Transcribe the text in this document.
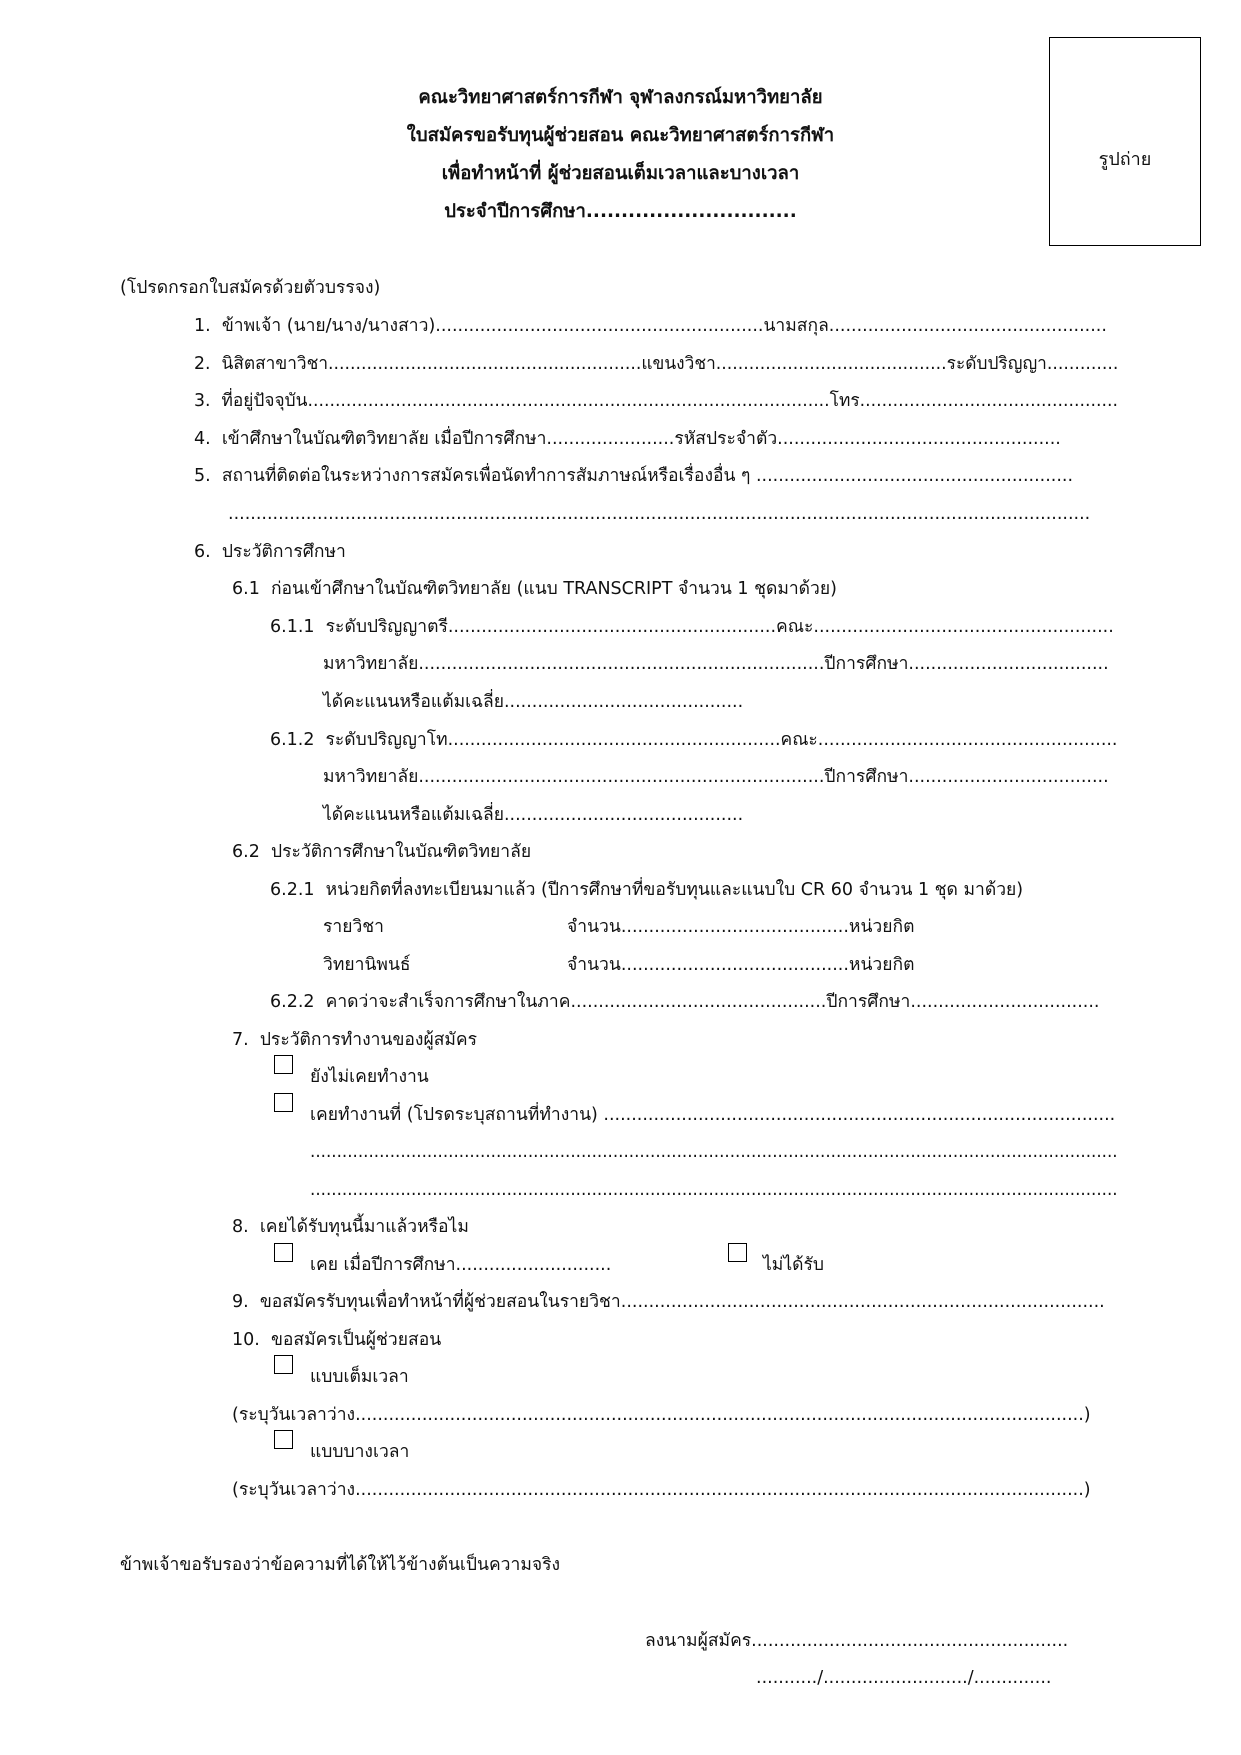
คณะวิทยาศาสตร์การกีฬา จุฬาลงกรณ์มหาวิทยาลัย
ใบสมัครขอรับทุนผู้ช่วยสอน คณะวิทยาศาสตร์การกีฬา
เพื่อทำหน้าที่ ผู้ช่วยสอนเต็มเวลาและบางเวลา
ประจำปีการศึกษา..............................
รูปถ่าย
(โปรดกรอกใบสมัครด้วยตัวบรรจง)
1.  ข้าพเจ้า (นาย/นาง/นางสาว)...........................................................นามสกุล..................................................
2.  นิสิตสาขาวิชา.........................................................แขนงวิชา..........................................ระดับปริญญา.............
3.  ที่อยู่ปัจจุบัน...............................................................................................โทร...............................................
4.  เข้าศึกษาในบัณฑิตวิทยาลัย เมื่อปีการศึกษา.......................รหัสประจำตัว...................................................
5.  สถานที่ติดต่อในระหว่างการสมัครเพื่อนัดทำการสัมภาษณ์หรือเรื่องอื่น ๆ .........................................................
...........................................................................................................................................................
6.  ประวัติการศึกษา
6.1  ก่อนเข้าศึกษาในบัณฑิตวิทยาลัย (แนบ TRANSCRIPT จำนวน 1 ชุดมาด้วย)
6.1.1  ระดับปริญญาตรี...........................................................คณะ......................................................
มหาวิทยาลัย.........................................................................ปีการศึกษา....................................
ได้คะแนนหรือแต้มเฉลี่ย...........................................
6.1.2  ระดับปริญญาโท............................................................คณะ......................................................
มหาวิทยาลัย.........................................................................ปีการศึกษา....................................
ได้คะแนนหรือแต้มเฉลี่ย...........................................
6.2  ประวัติการศึกษาในบัณฑิตวิทยาลัย
6.2.1  หน่วยกิตที่ลงทะเบียนมาแล้ว (ปีการศึกษาที่ขอรับทุนและแนบใบ CR 60 จำนวน 1 ชุด มาด้วย)
รายวิชา	จำนวน.........................................หน่วยกิต
วิทยานิพนธ์	จำนวน.........................................หน่วยกิต
6.2.2  คาดว่าจะสำเร็จการศึกษาในภาค..............................................ปีการศึกษา..................................
7.  ประวัติการทำงานของผู้สมัคร
ยังไม่เคยทำงาน
เคยทำงานที่ (โปรดระบุสถานที่ทำงาน) ............................................................................................
........................................................................................................................................................
........................................................................................................................................................
8.  เคยได้รับทุนนี้มาแล้วหรือไม
เคย เมื่อปีการศึกษา............................	ไม่ได้รับ
9.  ขอสมัครรับทุนเพื่อทำหน้าที่ผู้ช่วยสอนในรายวิชา.......................................................................................
10.  ขอสมัครเป็นผู้ช่วยสอน
แบบเต็มเวลา
(ระบุวันเวลาว่าง...................................................................................................................................)
แบบบางเวลา
(ระบุวันเวลาว่าง...................................................................................................................................)
ข้าพเจ้าขอรับรองว่าข้อความที่ได้ให้ไว้ข้างต้นเป็นความจริง
ลงนามผู้สมัคร.........................................................
.........../........................../..............
